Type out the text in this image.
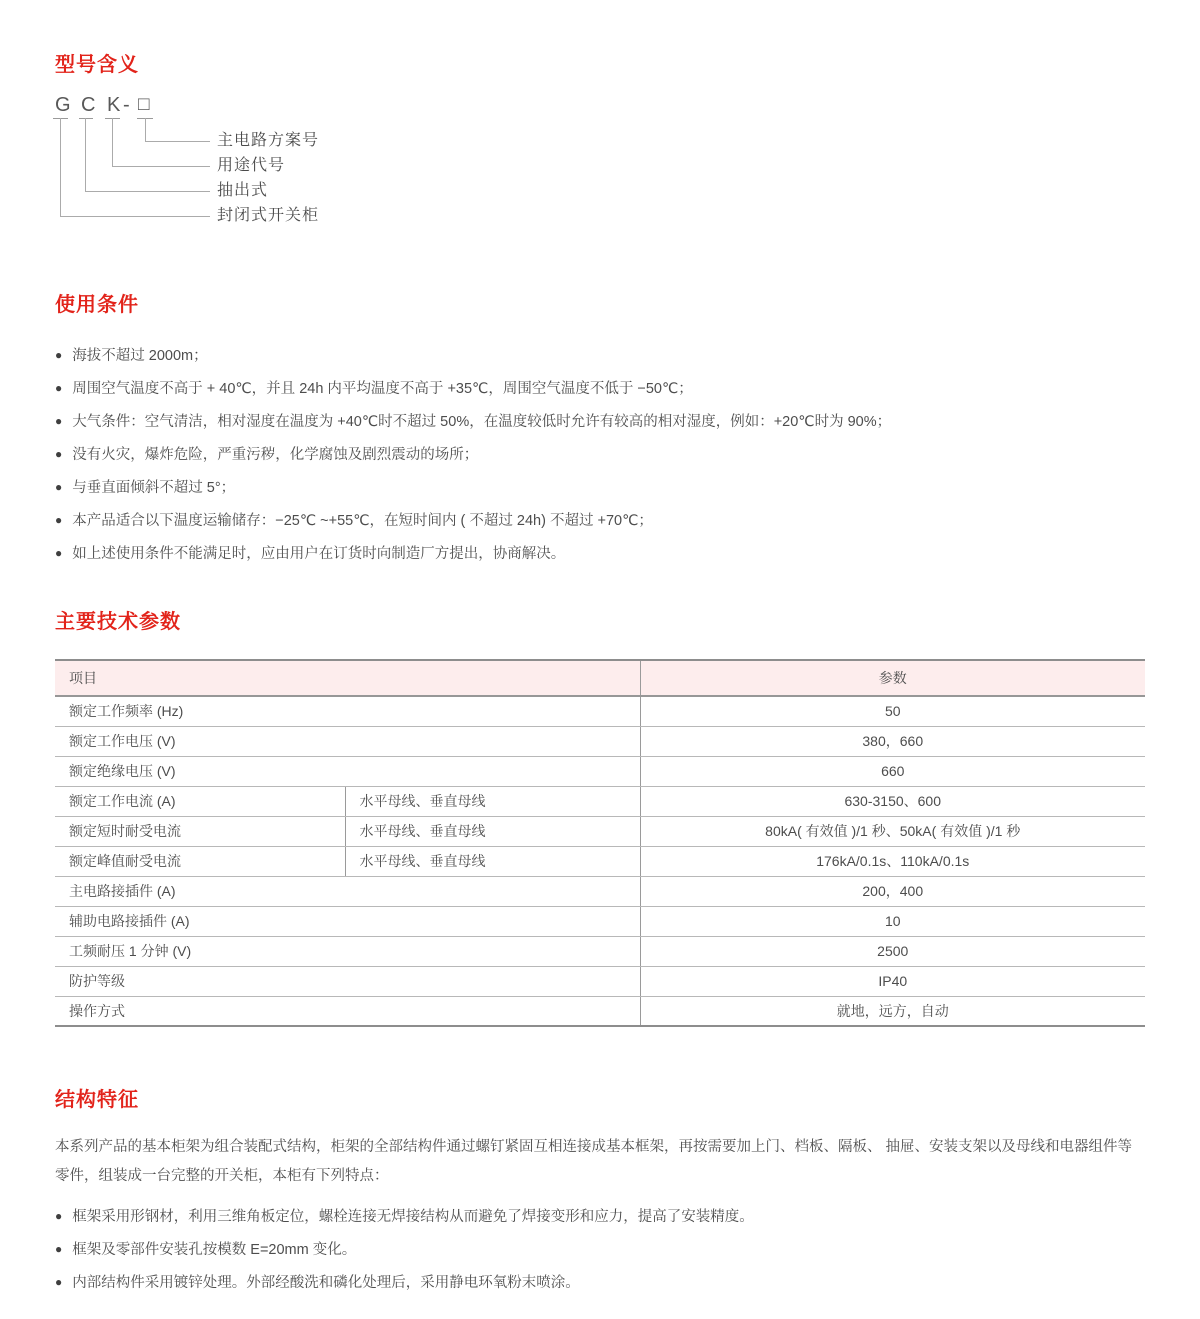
型号含义
G C K - □
主电路方案号
用途代号
抽出式
封闭式开关柜
使用条件
● 海拔不超过 2000m；
● 周围空气温度不高于 + 40℃，并且 24h 内平均温度不高于 +35℃，周围空气温度不低于 −50℃；
● 大气条件：空气清洁，相对湿度在温度为 +40℃时不超过 50%，在温度较低时允许有较高的相对湿度，例如：+20℃时为 90%；
● 没有火灾，爆炸危险，严重污秽，化学腐蚀及剧烈震动的场所；
● 与垂直面倾斜不超过 5°；
● 本产品适合以下温度运输储存：−25℃ ~+55℃，在短时间内 ( 不超过 24h) 不超过 +70℃；
● 如上述使用条件不能满足时，应由用户在订货时向制造厂方提出，协商解决。
主要技术参数
项目		参数
额定工作频率 (Hz)		50
额定工作电压 (V)		380，660
额定绝缘电压 (V)		660
额定工作电流 (A)	水平母线、垂直母线	630-3150、600
额定短时耐受电流	水平母线、垂直母线	80kA( 有效值 )/1 秒、50kA( 有效值 )/1 秒
额定峰值耐受电流	水平母线、垂直母线	176kA/0.1s、110kA/0.1s
主电路接插件 (A)		200，400
辅助电路接插件 (A)		10
工频耐压 1 分钟 (V)		2500
防护等级		IP40
操作方式		就地，远方，自动
结构特征

本系列产品的基本柜架为组合装配式结构，柜架的全部结构件通过螺钉紧固互相连接成基本框架，再按需要加上门、档板、隔板、 抽屉、安装支架以及母线和电器组件等零件，组装成一台完整的开关柜，本柜有下列特点：

● 框架采用形钢材，利用三维角板定位，螺栓连接无焊接结构从而避免了焊接变形和应力，提高了安装精度。
● 框架及零部件安装孔按模数 E=20mm 变化。
● 内部结构件采用镀锌处理。外部经酸洗和磷化处理后，采用静电环氧粉末喷涂。
